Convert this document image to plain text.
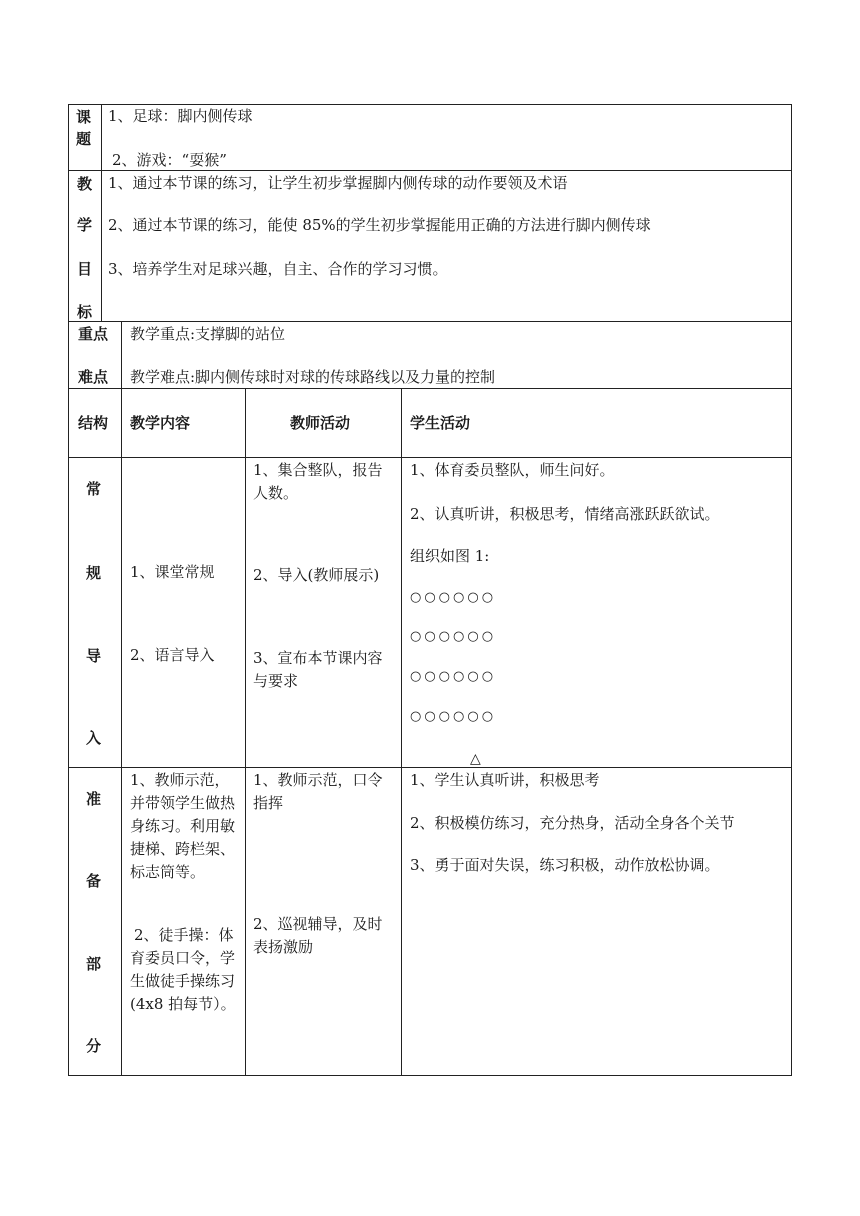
课题
1、足球：脚内侧传球
2、游戏：“耍猴”
教
学
目
标
1、通过本节课的练习，让学生初步掌握脚内侧传球的动作要领及术语
2、通过本节课的练习，能使 85%的学生初步掌握能用正确的方法进行脚内侧传球
3、培养学生对足球兴趣，自主、合作的学习习惯。
重点
难点
教学重点:支撑脚的站位
教学难点:脚内侧传球时对球的传球路线以及力量的控制
结构 教学内容	教师活动	学生活动
常
规
导
入
1、课堂常规
2、语言导入
1、集合整队，报告人数。
2、导入(教师展示)
3、宣布本节课内容与要求
1、体育委员整队，师生问好。
2、认真听讲，积极思考，情绪高涨跃跃欲试。
组织如图 1:
○○○○○○
○○○○○○
○○○○○○
○○○○○○
△
准
备
部
分
1、教师示范，并带领学生做热身练习。利用敏捷梯、跨栏架、标志筒等。
2、徒手操：体育委员口令，学生做徒手操练习(4x8 拍每节）。
1、教师示范，口令指挥
2、巡视辅导，及时表扬激励
1、学生认真听讲，积极思考
2、积极模仿练习，充分热身，活动全身各个关节
3、勇于面对失误，练习积极，动作放松协调。
